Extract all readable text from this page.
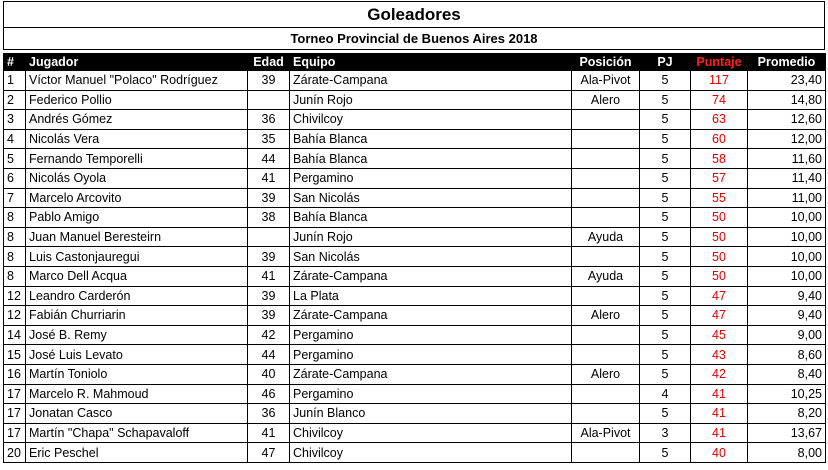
Goleadores
Torneo Provincial de Buenos Aires 2018
#	Jugador	Edad	Equipo	Posición	PJ	Puntaje	Promedio
1	Víctor Manuel "Polaco" Rodríguez	39	Zárate-Campana	Ala-Pivot	5	117	23,40
2	Federico Pollio		Junín Rojo	Alero	5	74	14,80
3	Andrés Gómez	36	Chivilcoy		5	63	12,60
4	Nicolás Vera	35	Bahía Blanca		5	60	12,00
5	Fernando Temporelli	44	Bahía Blanca		5	58	11,60
6	Nicolás Oyola	41	Pergamino		5	57	11,40
7	Marcelo Arcovito	39	San Nicolás		5	55	11,00
8	Pablo Amigo	38	Bahía Blanca		5	50	10,00
8	Juan Manuel Beresteirn		Junín Rojo	Ayuda	5	50	10,00
8	Luis Castonjauregui	39	San Nicolás		5	50	10,00
8	Marco Dell Acqua	41	Zárate-Campana	Ayuda	5	50	10,00
12	Leandro Carderón	39	La Plata		5	47	9,40
12	Fabián Churriarin	39	Zárate-Campana	Alero	5	47	9,40
14	José B. Remy	42	Pergamino		5	45	9,00
15	José Luis Levato	44	Pergamino		5	43	8,60
16	Martín Toniolo	40	Zárate-Campana	Alero	5	42	8,40
17	Marcelo R. Mahmoud	46	Pergamino		4	41	10,25
17	Jonatan Casco	36	Junín Blanco		5	41	8,20
17	Martín "Chapa" Schapavaloff	41	Chivilcoy	Ala-Pivot	3	41	13,67
20	Eric Peschel	47	Chivilcoy		5	40	8,00
